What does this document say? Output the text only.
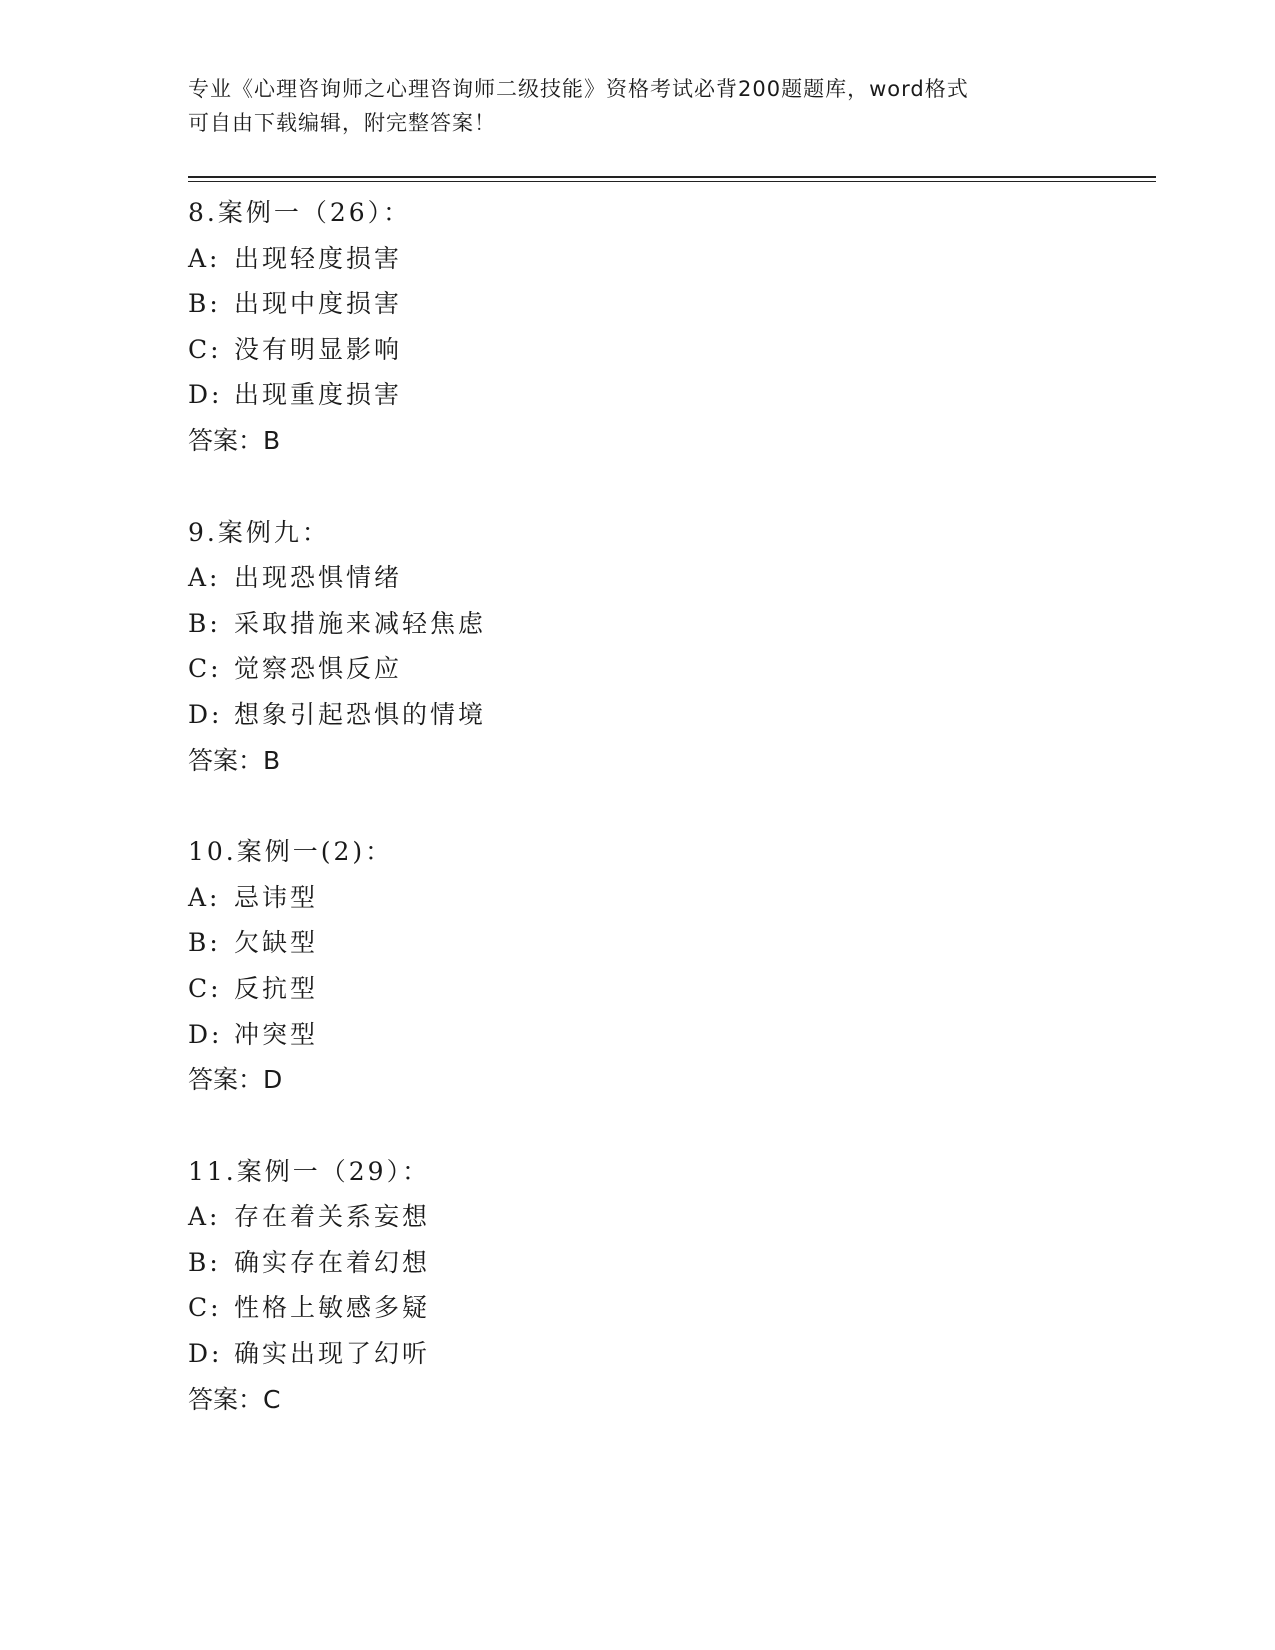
专业《心理咨询师之心理咨询师二级技能》资格考试必背200题题库，word格式
可自由下载编辑，附完整答案！
8.案例一（26）：
A: 出现轻度损害
B: 出现中度损害
C: 没有明显影响
D: 出现重度损害
答案：B
9.案例九：
A: 出现恐惧情绪
B: 采取措施来减轻焦虑
C: 觉察恐惧反应
D: 想象引起恐惧的情境
答案：B
10.案例一(2)：
A: 忌讳型
B: 欠缺型
C: 反抗型
D: 冲突型
答案：D
11.案例一（29）：
A: 存在着关系妄想
B: 确实存在着幻想
C: 性格上敏感多疑
D: 确实出现了幻听
答案：C
